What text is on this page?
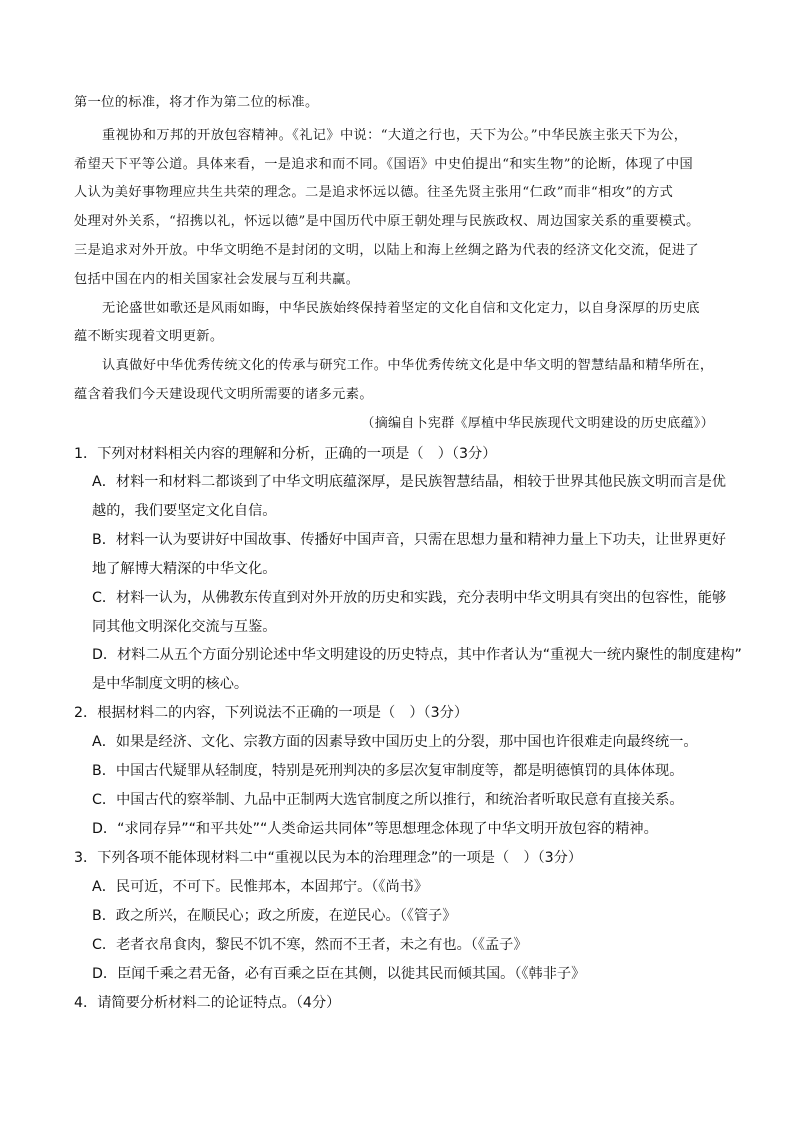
第一位的标准，将才作为第二位的标准。
重视协和万邦的开放包容精神。《礼记》中说：“大道之行也，天下为公。”中华民族主张天下为公，
希望天下平等公道。具体来看，一是追求和而不同。《国语》中史伯提出“和实生物”的论断，体现了中国
人认为美好事物理应共生共荣的理念。二是追求怀远以德。往圣先贤主张用“仁政”而非“相攻”的方式
处理对外关系，“招携以礼，怀远以德”是中国历代中原王朝处理与民族政权、周边国家关系的重要模式。
三是追求对外开放。中华文明绝不是封闭的文明，以陆上和海上丝绸之路为代表的经济文化交流，促进了
包括中国在内的相关国家社会发展与互利共赢。
无论盛世如歌还是风雨如晦，中华民族始终保持着坚定的文化自信和文化定力，以自身深厚的历史底
蕴不断实现着文明更新。
认真做好中华优秀传统文化的传承与研究工作。中华优秀传统文化是中华文明的智慧结晶和精华所在，
蕴含着我们今天建设现代文明所需要的诸多元素。
（摘编自卜宪群《厚植中华民族现代文明建设的历史底蕴》）
1．下列对材料相关内容的理解和分析，正确的一项是（　）（3分）
A．材料一和材料二都谈到了中华文明底蕴深厚，是民族智慧结晶，相较于世界其他民族文明而言是优
越的，我们要坚定文化自信。
B．材料一认为要讲好中国故事、传播好中国声音，只需在思想力量和精神力量上下功夫，让世界更好
地了解博大精深的中华文化。
C．材料一认为，从佛教东传直到对外开放的历史和实践，充分表明中华文明具有突出的包容性，能够
同其他文明深化交流与互鉴。
D．材料二从五个方面分别论述中华文明建设的历史特点，其中作者认为“重视大一统内聚性的制度建构”
是中华制度文明的核心。
2．根据材料二的内容，下列说法不正确的一项是（　）（3分）
A．如果是经济、文化、宗教方面的因素导致中国历史上的分裂，那中国也许很难走向最终统一。
B．中国古代疑罪从轻制度，特别是死刑判决的多层次复审制度等，都是明德慎罚的具体体现。
C．中国古代的察举制、九品中正制两大选官制度之所以推行，和统治者听取民意有直接关系。
D．“求同存异”“和平共处”“人类命运共同体”等思想理念体现了中华文明开放包容的精神。
3．下列各项不能体现材料二中“重视以民为本的治理理念”的一项是（　）（3分）
A．民可近，不可下。民惟邦本，本固邦宁。（《尚书》
B．政之所兴，在顺民心；政之所废，在逆民心。（《管子》
C．老者衣帛食肉，黎民不饥不寒，然而不王者，未之有也。（《孟子》
D．臣闻千乘之君无备，必有百乘之臣在其侧，以徙其民而倾其国。（《韩非子》
4．请简要分析材料二的论证特点。（4分）
